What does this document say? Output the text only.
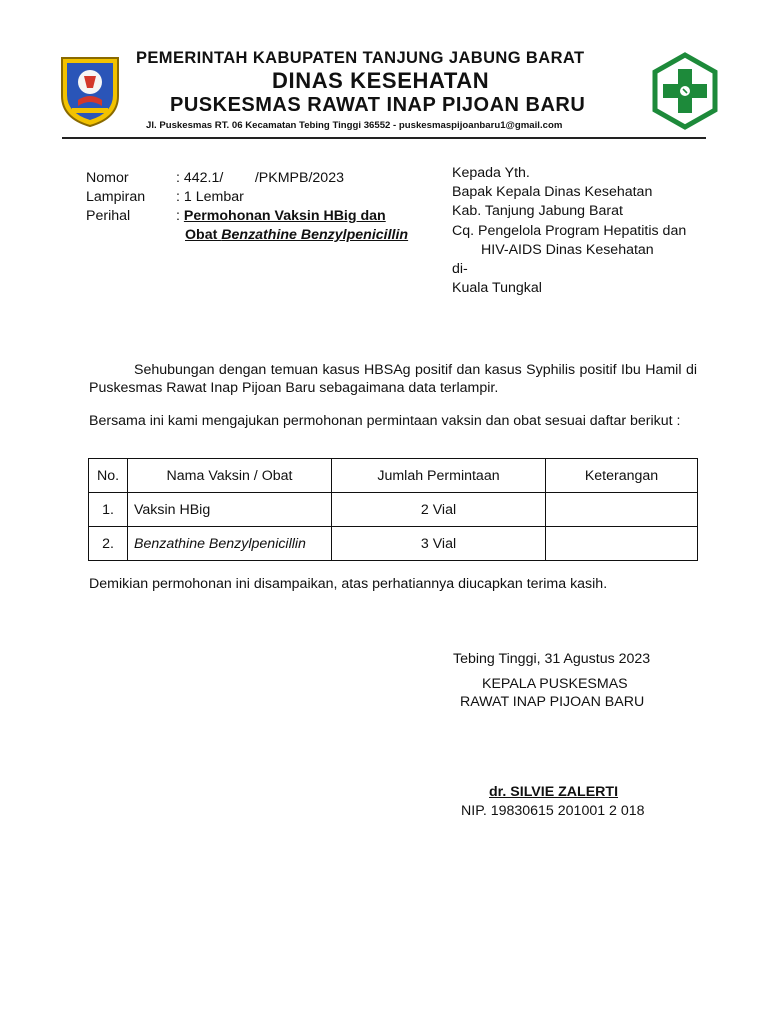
PEMERINTAH KABUPATEN TANJUNG JABUNG BARAT
DINAS KESEHATAN
PUSKESMAS RAWAT INAP PIJOAN BARU
Jl. Puskesmas RT. 06 Kecamatan Tebing Tinggi 36552 - puskesmaspijoanbaru1@gmail.com
Nomor	: 442.1/        /PKMPB/2023
Lampiran : 1 Lembar
Perihal	: Permohonan Vaksin HBig dan
Obat Benzathine Benzylpenicillin
Kepada Yth.
Bapak Kepala Dinas Kesehatan
Kab. Tanjung Jabung Barat
Cq. Pengelola Program Hepatitis dan
HIV-AIDS Dinas Kesehatan
di-
Kuala Tungkal
Sehubungan dengan temuan kasus HBSAg positif dan kasus Syphilis positif Ibu Hamil di Puskesmas Rawat Inap Pijoan Baru sebagaimana data terlampir.
Bersama ini kami mengajukan permohonan permintaan vaksin dan obat sesuai daftar berikut :
No.	Nama Vaksin / Obat	Jumlah Permintaan	Keterangan
1.	Vaksin HBig	2 Vial	
2.	Benzathine Benzylpenicillin	3 Vial	
Demikian permohonan ini disampaikan, atas perhatiannya diucapkan terima kasih.
Tebing Tinggi, 31 Agustus 2023
KEPALA PUSKESMAS
RAWAT INAP PIJOAN BARU
dr. SILVIE ZALERTI
NIP. 19830615 201001 2 018
